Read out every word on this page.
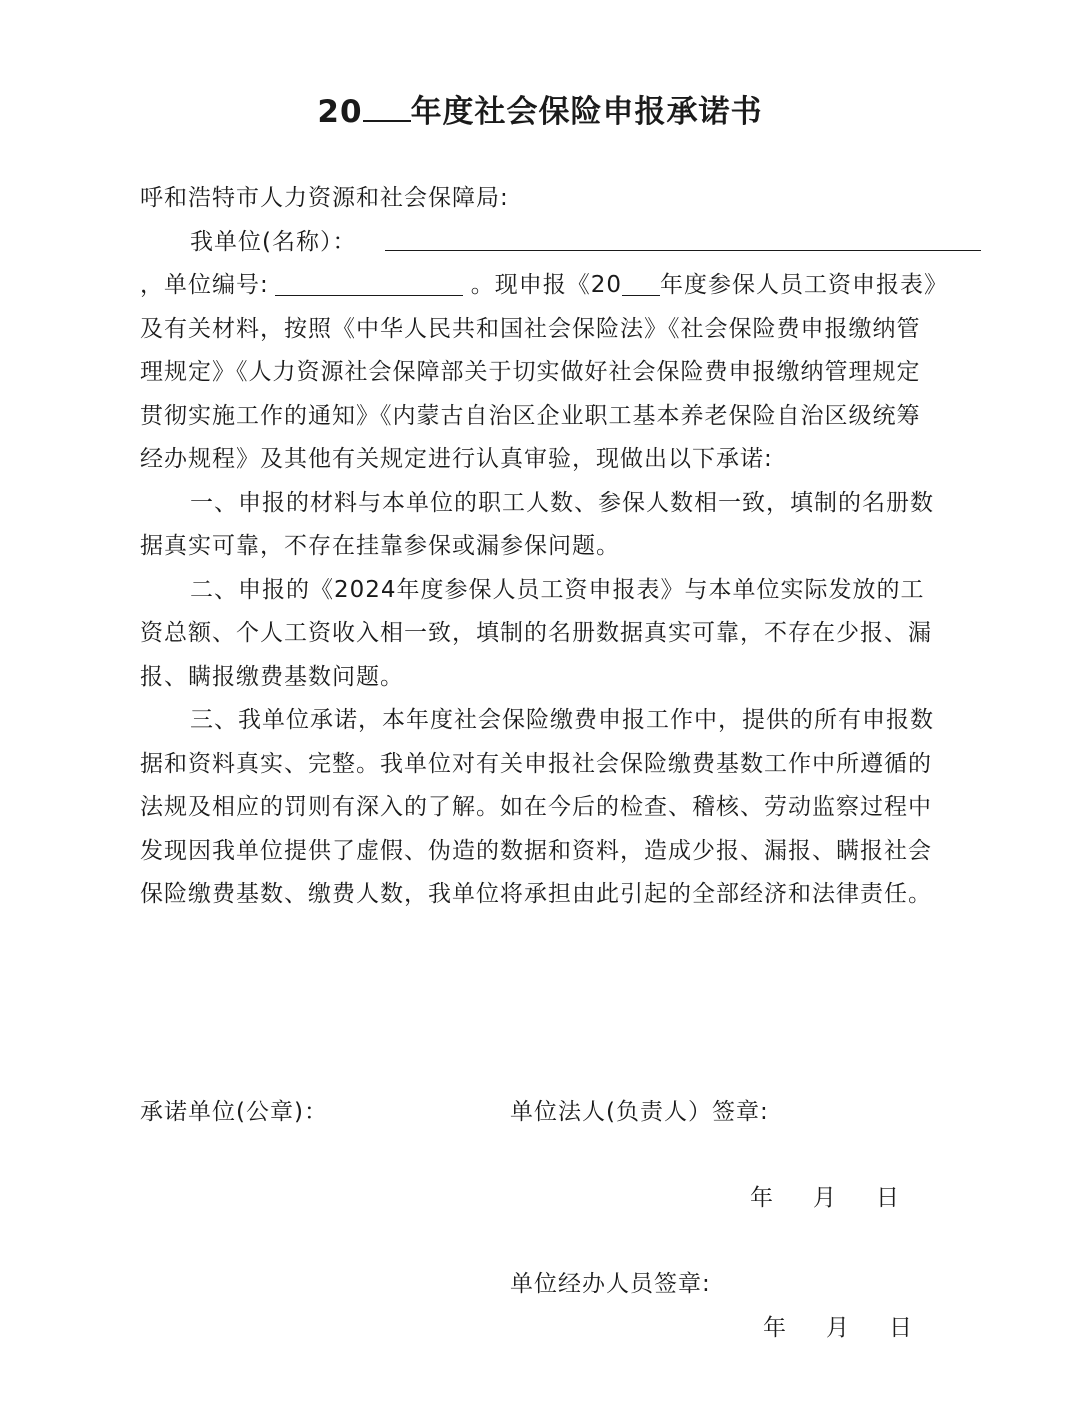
20 年度社会保险申报承诺书
呼和浩特市人力资源和社会保障局:
我单位(名称）：

，单位编号:	。现申报《20 年度参保人员工资申报表》及有关材料，按照《中华人民共和国社会保险法》《社会保险费申报缴纳管理规定》《人力资源社会保障部关于切实做好社会保险费申报缴纳管理规定贯彻实施工作的通知》《内蒙古自治区企业职工基本养老保险自治区级统筹经办规程》及其他有关规定进行认真审验，现做出以下承诺:

一、申报的材料与本单位的职工人数、参保人数相一致，填制的名册数据真实可靠，不存在挂靠参保或漏参保问题。

二、申报的《2024年度参保人员工资申报表》与本单位实际发放的工资总额、个人工资收入相一致，填制的名册数据真实可靠，不存在少报、漏报、瞒报缴费基数问题。

三、我单位承诺，本年度社会保险缴费申报工作中，提供的所有申报数据和资料真实、完整。我单位对有关申报社会保险缴费基数工作中所遵循的法规及相应的罚则有深入的了解。如在今后的检查、稽核、劳动监察过程中发现因我单位提供了虚假、伪造的数据和资料，造成少报、漏报、瞒报社会保险缴费基数、缴费人数，我单位将承担由此引起的全部经济和法律责任。

承诺单位(公章)：	单位法人(负责人）签章:
年 月 日
单位经办人员签章:
年 月 日
